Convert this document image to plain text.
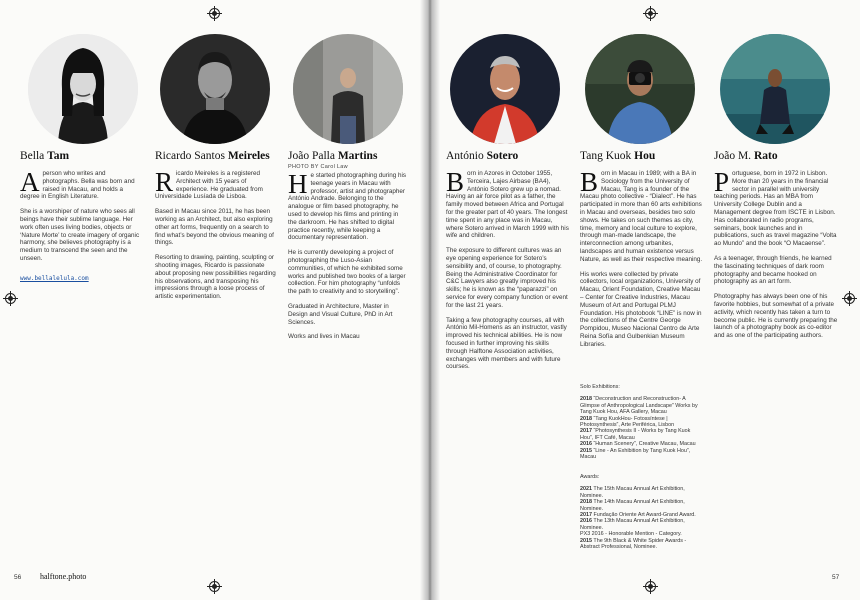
Bella Tam

Aperson who writes and photographs. Bella was born and raised in Macau, and holds a degree in English Literature.

She is a worshiper of nature who sees all beings have their sublime language. Her work often uses living bodies, objects or ‘Nature Morte’ to create imagery of organic harmony, she believes photography is a medium to transcend the seen and the unseen.

www.bellalelula.com

Ricardo Santos Meireles

Ricardo Meireles is a registered Architect with 15 years of experience. He graduated from Universidade Lusíada de Lisboa.

Based in Macau since 2011, he has been working as an Architect, but also exploring other art forms, frequently on a search to find what’s beyond the obvious meaning of things.

Resorting to drawing, painting, sculpting or shooting images, Ricardo is passionate about proposing new possibilities regarding his observations, and transposing his impressions through a loose process of artistic experimentation.

João Palla Martins
PHOTO BY Carol Law

He started photographing during his teenage years in Macau with professor, artist and photographer António Andrade. Belonging to the analogue or film based photography, he used to develop his films and printing in the darkroom. He has shifted to digital practice recently, while keeping a documentary representation.

He is currently developing a project of photographing the Luso-Asian communities, of which he exhibited some works and published two books of a larger collection. For him photography “unfolds the path to creativity and to storytelling”.

Graduated in Architecture, Master in Design and Visual Culture, PhD in Art Sciences.

Works and lives in Macau

António Sotero

Born in Azores in October 1955, Terceira, Lajes Airbase (BA4), António Sotero grew up a nomad. Having an air force pilot as a father, the family moved between Africa and Portugal for the greater part of 40 years. The longest time spent in any place was in Macau, where Sotero arrived in March 1999 with his wife and children.

The exposure to different cultures was an eye opening experience for Sotero’s sensibility and, of course, to photography. Being the Administrative Coordinator for C&C Lawyers also greatly improved his skills; he is known as the “paparazzi” on service for every company function or event for the last 21 years.

Taking a few photography courses, all with António Mil-Homens as an instructor, vastly improved his technical abilities. He is now focused in further improving his skills through Halftone Association activities, exchanges with members and with future courses.

Tang Kuok Hou

Born in Macau in 1989; with a BA in Sociology from the University of Macau, Tang is a founder of the Macau photo collective - “Dialect”. He has participated in more than 60 arts exhibitions in Macau and overseas, besides two solo shows. He takes on such themes as city, time, memory and local culture to explore, through man-made landscape, the interconnection among urbanites, landscapes and human existence versus Nature, as well as their respective meaning.

His works were collected by private collectors, local organizations, University of Macau, Orient Foundation, Creative Macau – Center for Creative Industries, Macau Museum of Art and Portugal PLMJ Foundation. His photobook “LINE” is now in the collections of the Centre George Pompidou, Museo Nacional Centro de Arte Reina Sofía and Gulbenkian Museum Libraries.

Solo Exhibitions:

2018 “Deconstruction and Reconstruction- A Glimpse of Anthropological Landscape” Works by Tang Kuok Hou, AFA Gallery, Macau

2018 “Tang KuokHou- Fotossíntese | Photosynthesis”, Arte Periférica, Lisbon

2017 “Photosynthesis II - Works by Tang Kuok Hou”, IFT Café, Macau

2016 “Human Scenery”, Creative Macau, Macau

2015 “Line - An Exhibition by Tang Kuok Hou”, Macau

Awards:

2021 The 15th Macau Annual Art Exhibition, Nominee.

2018 The 14th Macau Annual Art Exhibition, Nominee.

2017 Fundação Oriente Art Award-Grand Award.

2016 The 13th Macau Annual Art Exhibition, Nominee.

PX3 2016 - Honorable Mention - Category.

2015 The 9th Black & White Spider Awards - Abstract Professional, Nominee.

João M. Rato

Portuguese, born in 1972 in Lisbon. More than 20 years in the financial sector in parallel with university teaching periods. Has an MBA from University College Dublin and a Management degree from ISCTE in Lisbon. Has collaborated in radio programs, seminars, book launches and in publications, such as travel magazine “Volta ao Mundo” and the book “O Macaense”.

As a teenager, through friends, he learned the fascinating techniques of dark room photography and became hooked on photography as an art form.

Photography has always been one of his favorite hobbies, but somewhat of a private activity, which recently has taken a turn to become public. He is currently preparing the launch of a photography book as co-editor and as one of the participating authors.

56 halftone.photo	57
